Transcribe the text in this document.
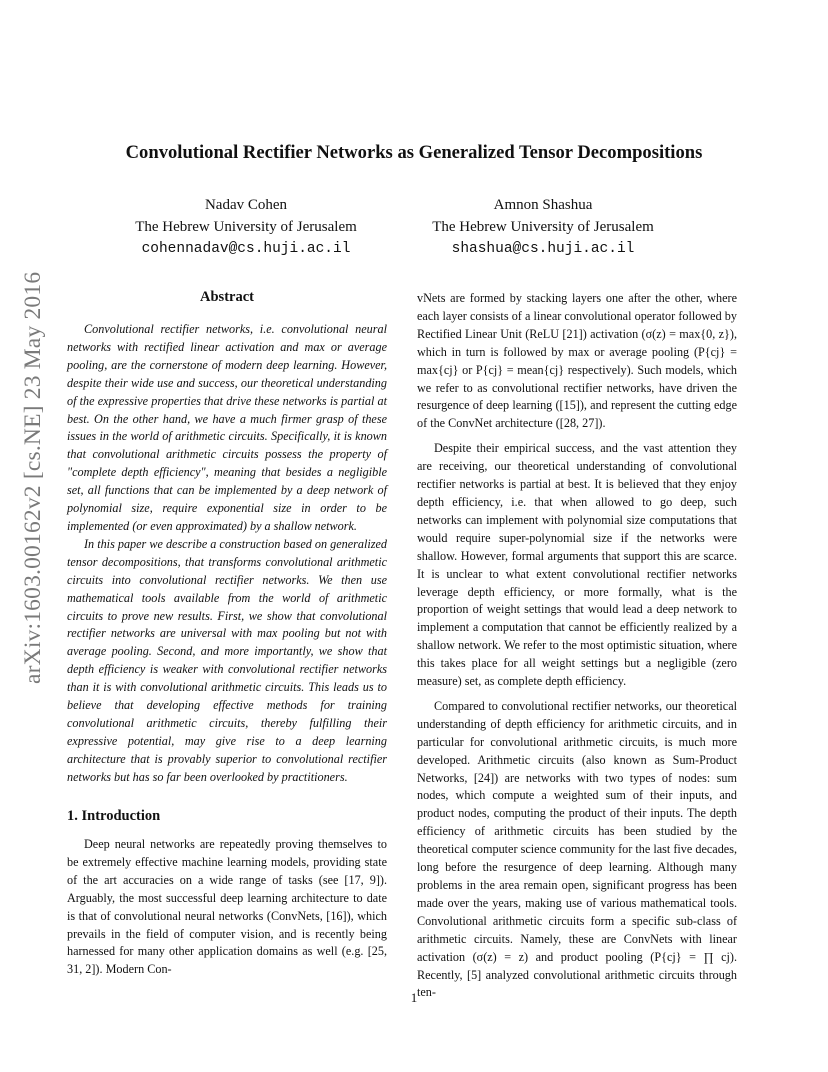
arXiv:1603.00162v2 [cs.NE] 23 May 2016
Convolutional Rectifier Networks as Generalized Tensor Decompositions
Nadav Cohen
The Hebrew University of Jerusalem
cohennadav@cs.huji.ac.il
Amnon Shashua
The Hebrew University of Jerusalem
shashua@cs.huji.ac.il
Abstract

Convolutional rectifier networks, i.e. convolutional neural networks with rectified linear activation and max or average pooling, are the cornerstone of modern deep learning. However, despite their wide use and success, our theoretical understanding of the expressive properties that drive these networks is partial at best. On the other hand, we have a much firmer grasp of these issues in the world of arithmetic circuits. Specifically, it is known that convolutional arithmetic circuits possess the property of "complete depth efficiency", meaning that besides a negligible set, all functions that can be implemented by a deep network of polynomial size, require exponential size in order to be implemented (or even approximated) by a shallow network.

In this paper we describe a construction based on generalized tensor decompositions, that transforms convolutional arithmetic circuits into convolutional rectifier networks. We then use mathematical tools available from the world of arithmetic circuits to prove new results. First, we show that convolutional rectifier networks are universal with max pooling but not with average pooling. Second, and more importantly, we show that depth efficiency is weaker with convolutional rectifier networks than it is with convolutional arithmetic circuits. This leads us to believe that developing effective methods for training convolutional arithmetic circuits, thereby fulfilling their expressive potential, may give rise to a deep learning architecture that is provably superior to convolutional rectifier networks but has so far been overlooked by practitioners.

1. Introduction

Deep neural networks are repeatedly proving themselves to be extremely effective machine learning models, providing state of the art accuracies on a wide range of tasks (see [17, 9]). Arguably, the most successful deep learning architecture to date is that of convolutional neural networks (ConvNets, [16]), which prevails in the field of computer vision, and is recently being harnessed for many other application domains as well (e.g. [25, 31, 2]). Modern Con-

vNets are formed by stacking layers one after the other, where each layer consists of a linear convolutional operator followed by Rectified Linear Unit (ReLU [21]) activation (σ(z) = max{0, z}), which in turn is followed by max or average pooling (P{cj} = max{cj} or P{cj} = mean{cj} respectively). Such models, which we refer to as convolutional rectifier networks, have driven the resurgence of deep learning ([15]), and represent the cutting edge of the ConvNet architecture ([28, 27]).

Despite their empirical success, and the vast attention they are receiving, our theoretical understanding of convolutional rectifier networks is partial at best. It is believed that they enjoy depth efficiency, i.e. that when allowed to go deep, such networks can implement with polynomial size computations that would require super-polynomial size if the networks were shallow. However, formal arguments that support this are scarce. It is unclear to what extent convolutional rectifier networks leverage depth efficiency, or more formally, what is the proportion of weight settings that would lead a deep network to implement a computation that cannot be efficiently realized by a shallow network. We refer to the most optimistic situation, where this takes place for all weight settings but a negligible (zero measure) set, as complete depth efficiency.

Compared to convolutional rectifier networks, our theoretical understanding of depth efficiency for arithmetic circuits, and in particular for convolutional arithmetic circuits, is much more developed. Arithmetic circuits (also known as Sum-Product Networks, [24]) are networks with two types of nodes: sum nodes, which compute a weighted sum of their inputs, and product nodes, computing the product of their inputs. The depth efficiency of arithmetic circuits has been studied by the theoretical computer science community for the last five decades, long before the resurgence of deep learning. Although many problems in the area remain open, significant progress has been made over the years, making use of various mathematical tools. Convolutional arithmetic circuits form a specific sub-class of arithmetic circuits. Namely, these are ConvNets with linear activation (σ(z) = z) and product pooling (P{cj} = ∏ cj). Recently, [5] analyzed convolutional arithmetic circuits through ten-

1
